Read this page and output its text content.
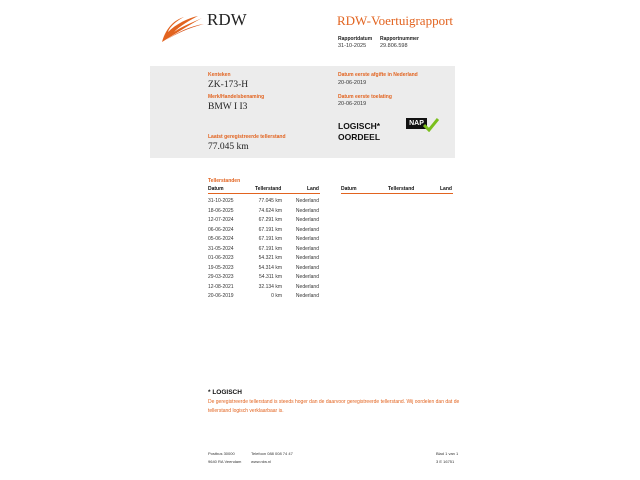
RDW	RDW-Voertuigrapport
Rapportdatum
31-10-2025
Rapportnummer
29.806.598
Kenteken
ZK-173-H
Merk/Handelsbenaming
BMW I I3
Laatst geregistreerde tellerstand
77.045 km
Datum eerste afgifte in Nederland
20-06-2019
Datum eerste toelating
20-06-2019
LOGISCH*
OORDEEL
NAP
Tellerstanden
Datum	Tellerstand	Land	Datum	Tellerstand	Land
31-10-2025	77.045 km	Nederland
18-06-2025	74.624 km	Nederland
12-07-2024	67.291 km	Nederland
06-06-2024	67.191 km	Nederland
05-06-2024	67.191 km	Nederland
31-05-2024	67.191 km	Nederland
01-06-2023	54.321 km	Nederland
19-05-2023	54.314 km	Nederland
29-03-2023	54.311 km	Nederland
12-08-2021	32.134 km	Nederland
20-06-2019	0 km	Nederland
* LOGISCH
De geregistreerde tellerstand is steeds hoger dan de daarvoor geregistreerde tellerstand. Wij oordelen dan dat de tellerstand logisch verklaarbaar is.
Postbus 30000
9640 RA Veendam
Telefoon 088 008 74 47
www.rdw.nl
Blad 1 van 1
3 E 16751
